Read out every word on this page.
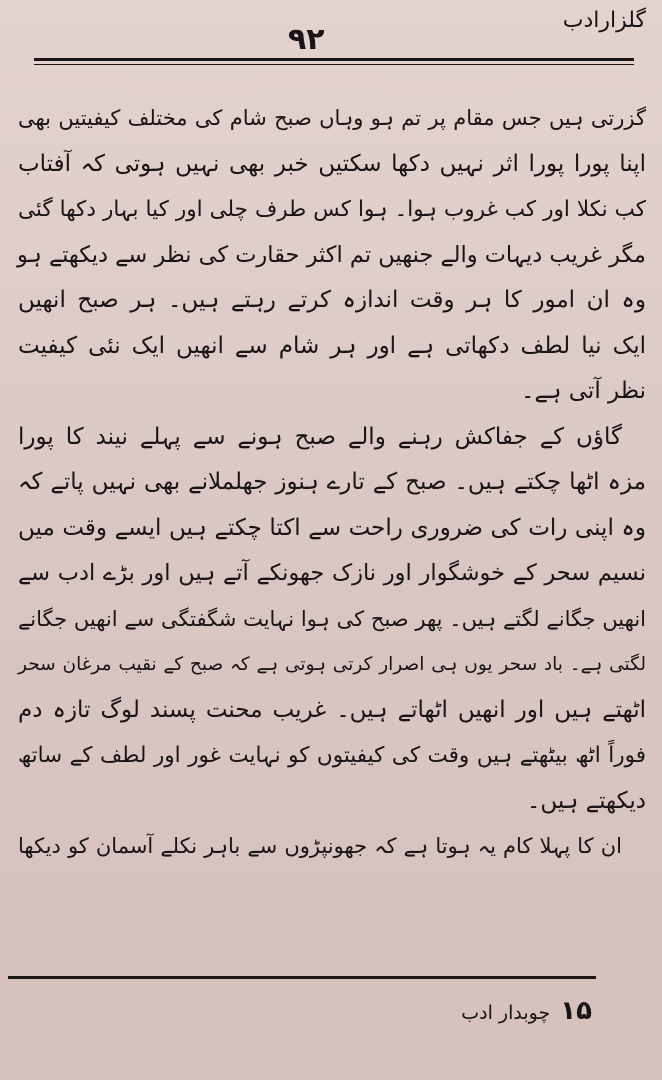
گلزارادب
۹۲
گزرتی ہیں جس مقام پر تم ہو وہاں صبح شام کی مختلف کیفیتیں بھی
اپنا پورا پورا اثر نہیں دکھا سکتیں خبر بھی نہیں ہوتی کہ آفتاب
کب نکلا اور کب غروب ہوا۔ ہوا کس طرف چلی اور کیا بہار دکھا گئی
مگر غریب دیہات والے جنھیں تم اکثر حقارت کی نظر سے دیکھتے ہو
وہ ان امور کا ہر وقت اندازہ کرتے رہتے ہیں۔ ہر صبح انھیں
ایک نیا لطف دکھاتی ہے اور ہر شام سے انھیں ایک نئی کیفیت
نظر آتی ہے۔
گاؤں کے جفاکش رہنے والے صبح ہونے سے پہلے نیند کا پورا
مزہ اٹھا چکتے ہیں۔ صبح کے تارے ہنوز جھلملانے بھی نہیں پاتے کہ
وہ اپنی رات کی ضروری راحت سے اکتا چکتے ہیں ایسے وقت میں
نسیم سحر کے خوشگوار اور نازک جھونکے آتے ہیں اور بڑے ادب سے
انھیں جگانے لگتے ہیں۔ پھر صبح کی ہوا نہایت شگفتگی سے انھیں جگانے
لگتی ہے۔ باد سحر یوں ہی اصرار کرتی ہوتی ہے کہ صبح کے نقیب مرغان سحر
اٹھتے ہیں اور انھیں اٹھاتے ہیں۔ غریب محنت پسند لوگ تازہ دم
فوراً اٹھ بیٹھتے ہیں وقت کی کیفیتوں کو نہایت غور اور لطف کے ساتھ
دیکھتے ہیں۔
ان کا پہلا کام یہ ہوتا ہے کہ جھونپڑوں سے باہر نکلے آسمان کو دیکھا
۱۵ چوبدار ادب
